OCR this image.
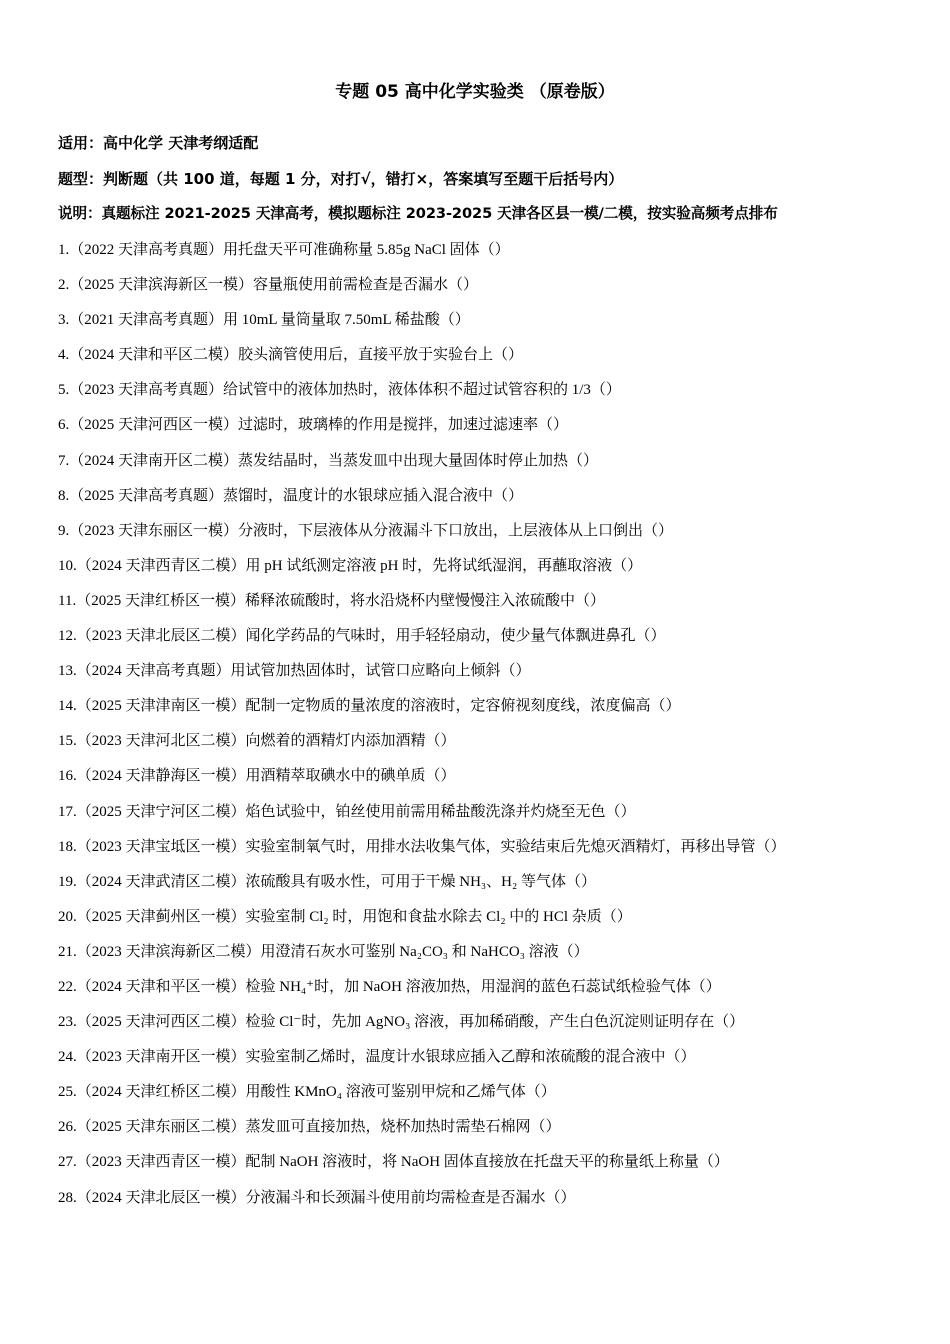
专题 05 高中化学实验类 （原卷版）
适用：高中化学 天津考纲适配
题型：判断题（共 100 道，每题 1 分，对打√，错打×，答案填写至题干后括号内）
说明：真题标注 2021-2025 天津高考，模拟题标注 2023-2025 天津各区县一模/二模，按实验高频考点排布
1.（2022 天津高考真题）用托盘天平可准确称量 5.85g NaCl 固体（）
2.（2025 天津滨海新区一模）容量瓶使用前需检查是否漏水（）
3.（2021 天津高考真题）用 10mL 量筒量取 7.50mL 稀盐酸（）
4.（2024 天津和平区二模）胶头滴管使用后，直接平放于实验台上（）
5.（2023 天津高考真题）给试管中的液体加热时，液体体积不超过试管容积的 1/3（）
6.（2025 天津河西区一模）过滤时，玻璃棒的作用是搅拌，加速过滤速率（）
7.（2024 天津南开区二模）蒸发结晶时，当蒸发皿中出现大量固体时停止加热（）
8.（2025 天津高考真题）蒸馏时，温度计的水银球应插入混合液中（）
9.（2023 天津东丽区一模）分液时，下层液体从分液漏斗下口放出，上层液体从上口倒出（）
10.（2024 天津西青区二模）用 pH 试纸测定溶液 pH 时，先将试纸湿润，再蘸取溶液（）
11.（2025 天津红桥区一模）稀释浓硫酸时，将水沿烧杯内壁慢慢注入浓硫酸中（）
12.（2023 天津北辰区二模）闻化学药品的气味时，用手轻轻扇动，使少量气体飘进鼻孔（）
13.（2024 天津高考真题）用试管加热固体时，试管口应略向上倾斜（）
14.（2025 天津津南区一模）配制一定物质的量浓度的溶液时，定容俯视刻度线，浓度偏高（）
15.（2023 天津河北区二模）向燃着的酒精灯内添加酒精（）
16.（2024 天津静海区一模）用酒精萃取碘水中的碘单质（）
17.（2025 天津宁河区二模）焰色试验中，铂丝使用前需用稀盐酸洗涤并灼烧至无色（）
18.（2023 天津宝坻区一模）实验室制氧气时，用排水法收集气体，实验结束后先熄灭酒精灯，再移出导管（）
19.（2024 天津武清区二模）浓硫酸具有吸水性，可用于干燥 NH₃、H₂ 等气体（）
20.（2025 天津蓟州区一模）实验室制 Cl₂ 时，用饱和食盐水除去 Cl₂ 中的 HCl 杂质（）
21.（2023 天津滨海新区二模）用澄清石灰水可鉴别 Na₂CO₃ 和 NaHCO₃ 溶液（）
22.（2024 天津和平区一模）检验 NH₄⁺时，加 NaOH 溶液加热，用湿润的蓝色石蕊试纸检验气体（）
23.（2025 天津河西区二模）检验 Cl⁻时，先加 AgNO₃ 溶液，再加稀硝酸，产生白色沉淀则证明存在（）
24.（2023 天津南开区一模）实验室制乙烯时，温度计水银球应插入乙醇和浓硫酸的混合液中（）
25.（2024 天津红桥区二模）用酸性 KMnO₄ 溶液可鉴别甲烷和乙烯气体（）
26.（2025 天津东丽区二模）蒸发皿可直接加热，烧杯加热时需垫石棉网（）
27.（2023 天津西青区一模）配制 NaOH 溶液时，将 NaOH 固体直接放在托盘天平的称量纸上称量（）
28.（2024 天津北辰区一模）分液漏斗和长颈漏斗使用前均需检查是否漏水（）
